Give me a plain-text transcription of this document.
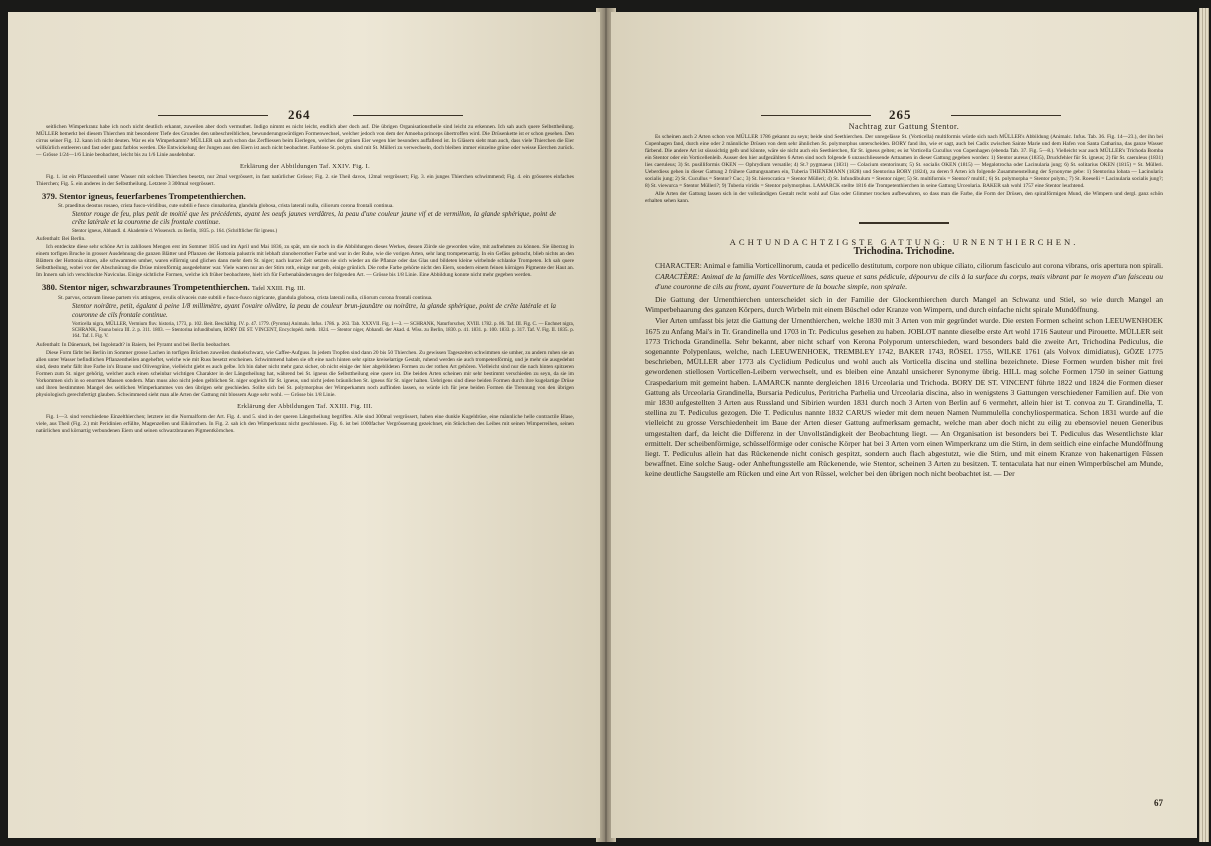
264

seitlichen Wimperkranz habe ich noch nicht deutlich erkannt, zuweilen aber doch vermuthet. Indigo nimmt es nicht leicht, endlich aber doch auf. Die übrigen Organisationstheile sind leicht zu erkennen. Ich sah auch quere Selbsttheilung. MÜLLER bemerkt bei diesem Thierchen mit besonderer Tiefe des Grundes den unbeschreiblichen, bewunderungswürdigen Formenwechsel, welcher jedoch von dem der Amoeba princeps übertroffen wird. Die Drüsenkette ist er schon gesehen. Den cirrus seiner Fig. 12. kann ich nicht deuten. War es ein Wimperkamm? MÜLLER sah auch schon das Zerfliessen beim Eierlegen, welches der grünen Eier wegen hier besonders auffallend ist. In Gläsern sieht man auch, dass viele Thierchen die Eier willkürlich entleeren und fast oder ganz farblos werden. Die Entwickelung der Jungen aus den Eiern ist auch nicht beobachtet. Farblose St. polym. sind mit St. Mülleri zu verwechseln, doch bleiben immer einzelne grüne oder weisse Eierchen zurück. — Grösse 1/24—1/6 Linie beobachtet, leicht bis zu 1/6 Linie ausdehnbar.

Erklärung der Abbildungen Taf. XXIV. Fig. I.

Fig. 1. ist ein Pflanzentheil unter Wasser mit solchen Thierchen besetzt, nur 2mal vergrössert, in fast natürlicher Grösse; Fig. 2. sie Theil davos, 12mal vergrössert; Fig. 3. ein junges Thierchen schwimmend; Fig. 4. ein grösseres einfaches Thierchen; Fig. 5. ein anderes in der Selbsttheilung. Letztere 3 300mal vergrössert.

379. Stentor igneus, feuerfarbenes Trompetenthierchen.

St. praeditus deostus rosaeo, crista fusco-viridibus, cute subtili e fusco cinnabarina, glandula globosa, crista laterali nulla, ciliorum corona frontali continua.

Stentor rouge de feu, plus petit de moitié que les précédents, ayant les oeufs jaunes verdâtres, la peau d'une couleur jaune vif et de vermillon, la glande sphérique, point de crête latérale et la couronne de cils frontale continue.

Stentor igneus, Abhandl. d. Akademie d. Wissensch. zu Berlin, 1835. p. 164. (Schriftlicher für igneus.)

Aufenthalt: Bei Berlin.

Ich entdeckte diese sehr schöne Art in zahllosen Mengen erst im Sommer 1835 und im April und Mai 1836, zu spät, um sie noch in die Abbildungen dieses Werkes, dessen Ziirde sie geworden wäre, mit aufnehmen zu können. Sie überzog in einem torfigen Bruche in grosser Ausdehnung die ganzen Blätter und Pflanzen der Hottonia palustris mit lebhaft zinnoberrother Farbe und war in der Ruhe, wie die vorigen Arten, sehr lang trompetenartig. In ein Gefäss gebracht, blieb nichts an den Blättern der Hottonia sitzen, alle schwammen umher, waren eiförmig und glichen dann mehr dem St. niger; nach kurzer Zeit setzten sie sich wieder an die Pflanze oder das Glas und bildeten kleine wirbelnde schlanke Trompeten. Ich sah quere Selbsttheilung, wobei vor der Abschnürung die Drüse mirenförmig ausgedehnter war. Viele waren nur an der Stirn roth, einige nur gelb, einige grünlich. Die rothe Farbe gehörte nicht den Eiern, sondern einem feinen körnigen Pigmente der Haut an. Im Innern sah ich verschluckte Naviculas. Einige sichtliche Formen, welche ich früher beobachtete, hielt ich für Farbenabänderungen der folgenden Art. — Grösse bis 1/8 Linie. Eine Abbildung konnte nicht mehr gegeben werden.

380. Stentor niger, schwarzbraunes Trompetenthierchen. Tafel XXIII. Fig. III.

St. parvus, octavam lineae partem vix attingens, ovulis olivaceis cute subtili e fusco-fusco nigricante, glandula globosa, crista laterali nulla, ciliorum corona frontali continua.

Stentor noirâtre, petit, égalant à peine 1/8 millimètre, ayant l'ovaire olivâtre, la peau de couleur brun-jaunâtre ou noirâtre, la glande sphérique, point de crête latérale et la couronne de cils frontale continue.

Vorticella nigra, MÜLLER, Vermium fluv. historia, 1773, p. 102. Beit. Beschäftig. IV. p. 47. 1779. (Pyroma) Animalu. Infus. 1786. p. 263. Tab. XXXVII. Fig. 1—3. — SCHRANK, Naturforscher, XVIII. 1782. p. 86. Taf. III. Fig. C. — Enchnet nigra, SCHRANK, Fauna boica III. 2. p. 311. 1803. — Stentorina infundibulum, BORY DE ST. VINCENT, Encyclopéd. méth. 1824. — Stentor niger, Abhandl. der Akad. d. Wiss. zu Berlin, 1830. p. 41. 1831. p. 100. 1833. p. 317. Taf. V. Fig. II. 1835. p. 164. Taf. I. Fig. V.

Aufenthalt: In Dänemark, bei Ingolstadt? in Baiern, bei Pyramt und bei Berlin beobachtet.

Diese Form färbt bei Berlin im Sommer grosse Lachen in torfigen Brüchen zuweilen dunkelschwarz, wie Caffee-Aufguss. In jedem Tropfen sind dann 20 bis 50 Thierchen. Zu gewissen Tageszeiten schwimmen sie umher, zu andern ruhen sie an allen unter Wasser befindlichen Pflanzentheilen angeheftet, welche wie mit Russ besetzt erscheinen. Schwimmend haben sie oft eine nach hinten sehr spitze kreiselartige Gestalt, ruhend werden sie auch trompetenförmig, und je mehr sie ausgedehnt sind, desto mehr fällt ihre Farbe in's Braune und Olivengrüne, vielleicht giebt es auch gelbe. Ich bin daher nicht mehr ganz sicher, ob nicht einige der hier abgebildeten Formen zu der rothen Art gehören. Vielleicht sind nur die nach hinten spitzeren Formen zum St. niger gehörig, welcher auch einen scheinbar wichtigen Charakter in der Längstheilung hat, während bei St. igneus die Selbsttheilung eine quere ist. Die beiden Arten scheinen mir sehr bestimmt verschieden zu seyn, da sie im Vorkommen sich in so enormen Massen sondern. Man muss also nicht jeden gelblichen St. niger sogleich für St. igneus, und nicht jeden bräunlichen St. igneus für St. niger halten. Uebrigens sind diese beiden Formen durch ihre kugelartige Drüse und ihren bestimmten Mangel des seitlichen Wimperkammes von den übrigen sehr geschieden. Sollte sich bei St. polymorphus der Wimperkamm noch auffinden lassen, so würde ich für jene beiden Formen die Trennung von den übrigen physiologisch gerechtfertigt glauben. Schwimmend sieht man alle Arten der Gattung mit blossem Auge sehr wohl. — Grösse bis 1/8 Linie.

Erklärung der Abbildungen Taf. XXIII. Fig. III.

Fig. 1—3. sind verschiedene Einzelthierchen; letztere ist die Normalform der Art. Fig. 4. und 5. sind in der queren Längstheilung begriffen. Alle sind 300mal vergrössert, haben eine dunkle Kugeldrüse, eine männliche helle contractile Blase, viele, aus Theil (Fig. 2.) mit Peridinien erfüllte, Magenzellen und Eikörnchen. In Fig. 2. sah ich den Wimperkranz nicht geschlossen. Fig. 6. ist bei 1000facher Vergrösserung gezeichnet, ein Stückchen des Leibes mit seinen Wimperreihen, seinen natürlichen und körnartig verbundenen Eiern und seinen schwarzbraunen Pigmentkörnchen.

265

Nachtrag zur Gattung Stentor.

Es scheinen auch 2 Arten schon von MÜLLER 1786 gekannt zu seyn; beide sind Seethierchen. Der unregelässe St. (Vorticella) multiformis würde sich nach MÜLLER's Abbildung (Animalc. Infus. Tab. 36. Fig. 14—23.), der ihn bei Copenhagen fand, durch eine oder 2 männliche Drüsen von dem sehr ähnlichen St. polymorphus unterscheiden. BORY fand ihn, wie er sagt, auch bei Cadix zwischen Sainte Marie und dem Hafen von Santa Catharina, das ganze Wasser färbend. Die andere Art ist süsssichtig gelb und könnte, wäre sie nicht auch ein Seethierchen, für St. igneus gelten; es ist Vorticella Cucullus von Copenhagen (ebenda Tab. 37. Fig. 5—8.). Vielleicht war auch MÜLLER's Trichoda Bomba ein Stentor oder ein Vorticellenleib. Ausser den hier aufgezählten 6 Arten sind noch folgende 6 unzuschliessende Artnamen in dieser Gattung gegeben worden: 1) Stentor aureus (1835), Druckfehler für St. igneus; 2) für St. caeruleus (1831) lies caeruleus; 3) St. pusilliformis OKEN — Ophrydium versatile; 4) St.? pygmaeus (1831) — Colacium stentorinum; 5) St. socialis OKEN (1815) — Megalotrocha oder Lacinularia jung; 6) St. solitarius OKEN (1815) = St. Mülleri. Ueberdiess gehen in dieser Gattung 2 frühere Gattungsnamen ein, Tuberia THIENEMANN (1828) und Stentorina BORY (1824), zu deren 9 Arten ich folgende Zusammenstellung der Synonyme gebe: 1) Stentorina lobata — Lacinularia socialis jung; 2) St. Cucullus = Stentor? Cuc.; 3) St. hieroccatica = Stentor Mülleri; 4) St. Infundibulum = Stentor niger; 5) St. multiformis = Stentor? multif.; 6) St. polymorpha = Stentor polym.; 7) St. Roeselii = Lacinularia socialis jung?; 8) St. viewurca = Stentor Mülleri?; 9) Tuberia viridis = Stentor polymorphus. LAMARCK stellte 1816 die Trompetenthierchen in seine Gattung Urceolaria. BAKER sah wohl 1757 eine Stentor leuchtend.

Alle Arten der Gattung lassen sich in der vollständigen Gestalt recht wohl auf Glas oder Glimmer trocken aufbewahren, so dass man die Farbe, die Form der Drüsen, den spiralförmigen Mund, die Wimpern und dergl. ganz schön erhalten sehen kann.

ACHTUNDACHTZIGSTE GATTUNG: URNENTHIERCHEN.

Trichodina. Trichodine.

CHARACTER: Animal e familia Vorticellinorum, cauda et pedicello destitutum, corpore non ubique ciliato, ciliorum fasciculo aut corona vibrans, oris apertura non spirali.

CARACTÈRE: Animal de la famille des Vorticellines, sans queue et sans pédicule, dépourvu de cils à la surface du corps, mais vibrant par le moyen d'un faisceau ou d'une couronne de cils au front, ayant l'ouverture de la bouche simple, non spirale.

Die Gattung der Urnenthierchen unterscheidet sich in der Familie der Glockenthierchen durch Mangel an Schwanz und Stiel, so wie durch Mangel an Wimperbehaarung des ganzen Körpers, durch Wirbeln mit einem Büschel oder Kranze von Wimpern, und durch einfache nicht spirale Mundöffnung.

Vier Arten umfasst bis jetzt die Gattung der Urnenthierchen, welche 1830 mit 3 Arten von mir gegründet wurde. Die ersten Formen scheint schon LEEUWENHOEK 1675 zu Anfang Mai's in Tr. Grandinella und 1703 in Tr. Pediculus gesehen zu haben. JOBLOT nannte dieselbe erste Art wohl 1716 Sauteur und Pirouette. MÜLLER seit 1773 Trichoda Grandinella. Sehr bekannt, aber nicht scharf von Kerona Polyporum unterschieden, ward besonders bald die zweite Art, Trichodina Pediculus, die sogenannte Polypenlaus, welche, nach LEEUWENHOEK, TREMBLEY 1742, BAKER 1743, RÖSEL 1755, WILKE 1761 (als Volvox dimidiatus), GÖZE 1775 beschrieben, MÜLLER aber 1773 als Cyclidium Pediculus und wohl auch als Vorticella discina und stellina bezeichnete. Diese Formen wurden bisher mit frei gewordenen stiellosen Vorticellen-Leibern verwechselt, und es bleiben eine Anzahl unsicherer Synonyme übrig. HILL mag solche Formen 1750 in seiner Gattung Craspedarium mit gemeint haben. LAMARCK nannte dergleichen 1816 Urceolaria und Trichoda. BORY DE ST. VINCENT führte 1822 und 1824 die Formen dieser Gattung als Urceolaria Grandinella, Bursaria Pediculus, Peritricha Parhelia und Urceolaria discina, also in wenigstens 3 Gattungen verschiedener Familien auf. Die von mir 1830 aufgestellten 3 Arten aus Russland und Sibirien wurden 1831 durch noch 3 Arten von Berlin auf 6 vermehrt, allein hier ist T. convoa zu T. Grandinella, T. stellina zu T. Pediculus gezogen. Die T. Pediculus nannte 1832 CARUS wieder mit dem neuen Namen Nummulella conchyliospermatica. Schon 1831 wurde auf die vielleicht zu grosse Verschiedenheit im Baue der Arten dieser Gattung aufmerksam gemacht, welche man aber doch nicht zu eilig zu ebensoviel neuen Generibus umgestalten darf, da leicht die Differenz in der Unvollständigkeit der Beobachtung liegt. — An Organisation ist besonders bei T. Pediculus das Wesentlichste klar ermittelt. Der scheibenförmige, schüsselförmige oder conische Körper hat bei 3 Arten vorn einen Wimperkranz um die Stirn, in dem seitlich eine einfache Mundöffnung liegt. T. Pediculus allein hat das Rückenende nicht conisch gespitzt, sondern auch flach abgestutzt, wie die Stirn, und mit einem Kranze von hakenartigen Füssen bewaffnet. Eine solche Saug- oder Anheftungsstelle am Rückenende, wie Stentor, scheinen 3 Arten zu besitzen. T. tentaculata hat nur einen Wimperbüschel am Munde, keine deutliche Saugstelle am Rücken und eine Art von Rüssel, welcher bei den übrigen noch nicht beobachtet ist. — Der

67
